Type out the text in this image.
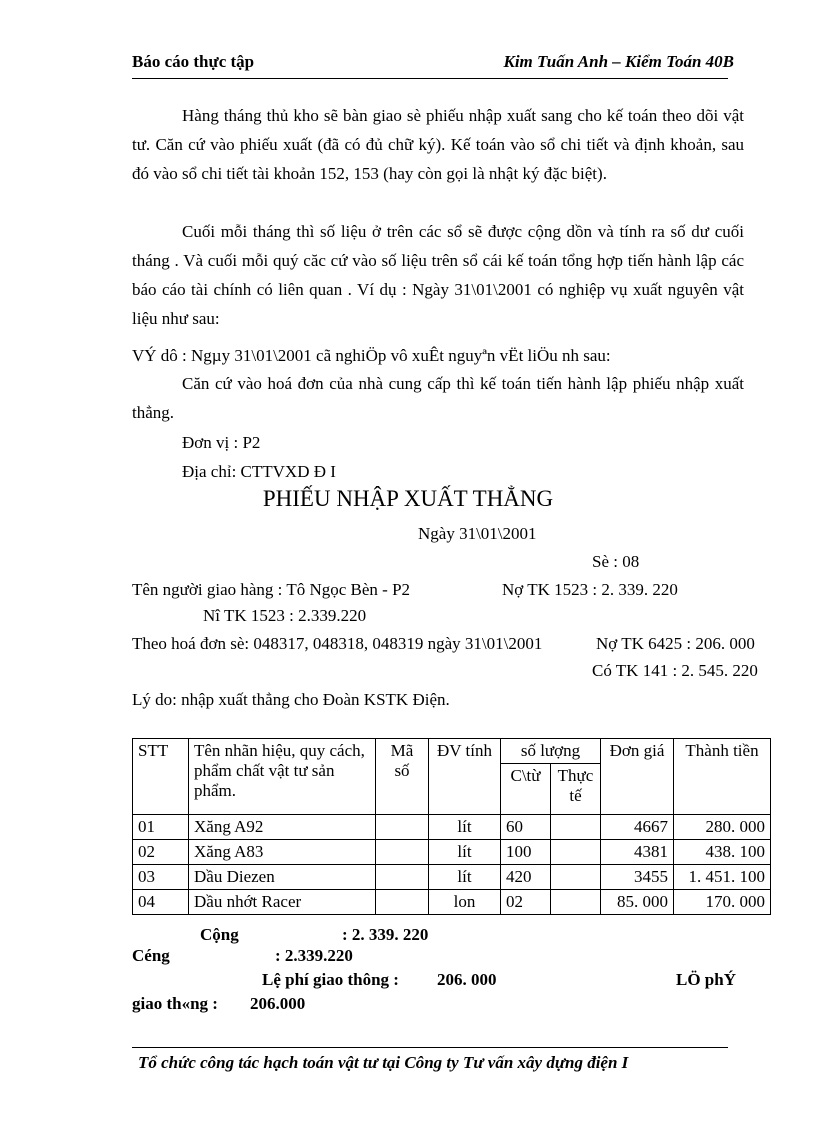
Báo cáo thực tập	Kim Tuấn Anh – Kiểm Toán 40B
Hàng tháng thủ kho sẽ bàn giao sè phiếu nhập xuất sang cho kế toán theo dõi vật tư. Căn cứ vào phiếu xuất (đã có đủ chữ ký). Kế toán vào sổ chi tiết và định khoản, sau đó vào sổ chi tiết tài khoản 152, 153 (hay còn gọi là nhật ký đặc biệt).
Cuối mỗi tháng thì số liệu ở trên các sổ sẽ được cộng dồn và tính ra số dư cuối tháng . Và cuối mỗi quý căc cứ vào số liệu trên sổ cái kế toán tổng hợp tiến hành lập các báo cáo tài chính có liên quan . Ví dụ : Ngày 31\01\2001 có nghiệp vụ xuất nguyên vật liệu như sau:
VÝ dô : Ngµy 31\01\2001 cã nghiÖp vô xuÊt nguyªn vËt liÖu nh sau:
Căn cứ vào hoá đơn của nhà cung cấp thì kế toán tiến hành lập phiếu nhập xuất thẳng.
Đơn vị : P2
Địa chỉ: CTTVXD Đ I
PHIẾU NHẬP XUẤT THẲNG
Ngày 31\01\2001
Sè : 08
Tên người giao hàng : Tô Ngọc Bèn - P2	Nợ TK 1523 : 2. 339. 220
Nî TK 1523 : 2.339.220
Theo hoá đơn sè: 048317, 048318, 048319 ngày 31\01\2001	Nợ TK 6425 : 206. 000
Có TK 141 : 2. 545. 220
Lý do: nhập xuất thẳng cho Đoàn KSTK Điện.
STT	Tên nhãn hiệu, quy cách, phẩm chất vật tư sản phẩm.	Mã số	ĐV tính	số lượng		Đơn giá	Thành tiền
				C\từ	Thực tế		
01	Xăng A92		lít	60		4667	280. 000
02	Xăng A83		lít	100		4381	438. 100
03	Dầu Diezen		lít	420		3455	1. 451. 100
04	Dầu nhớt Racer		lon	02		85. 000	170. 000
Cộng	: 2. 339. 220
Céng	: 2.339.220
Lệ phí giao thông : 206. 000	LÖ phÝ
giao th«ng : 206.000
Tổ chức công tác hạch toán vật tư tại Công ty Tư vấn xây dựng điện I
